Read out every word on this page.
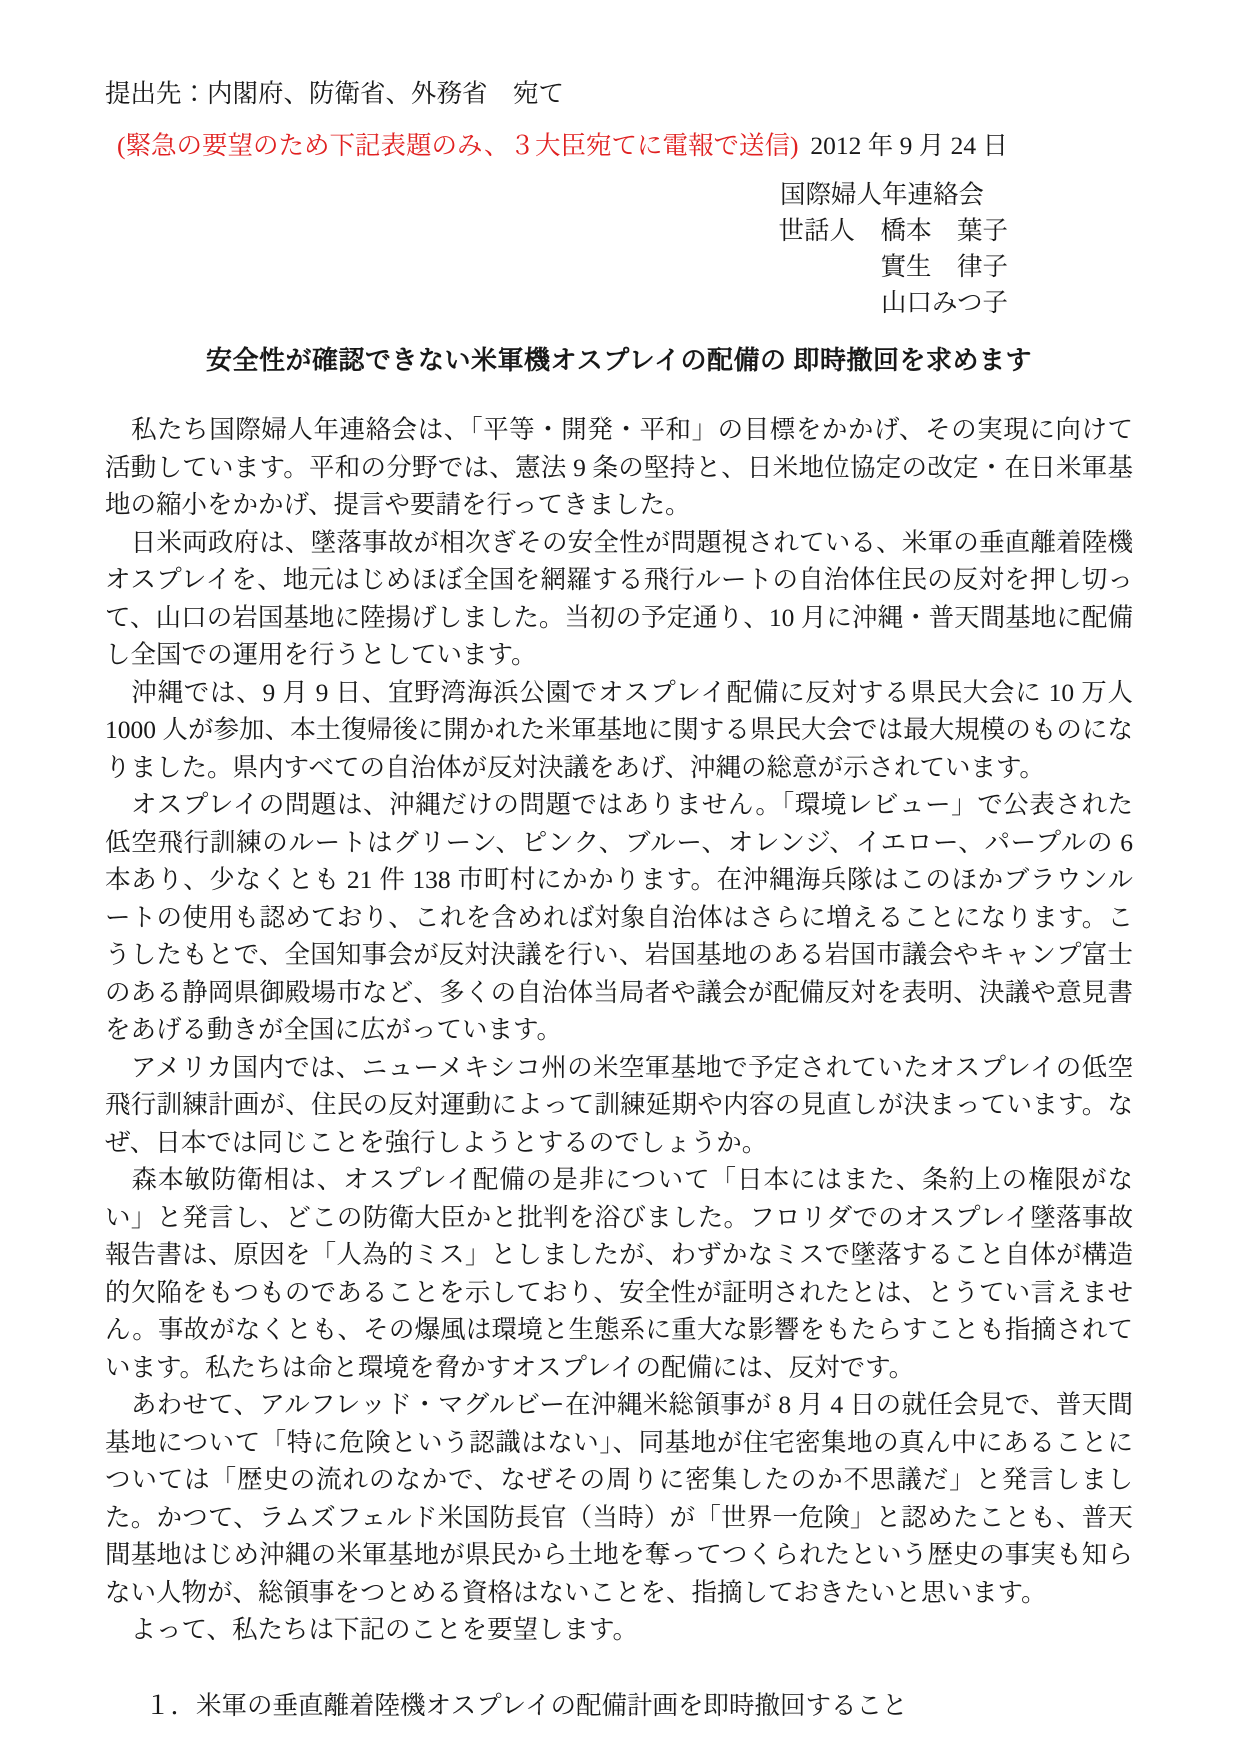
提出先：内閣府、防衛省、外務省　宛て
(緊急の要望のため下記表題のみ、３大臣宛てに電報で送信) 2012 年 9 月 24 日
国際婦人年連絡会
世話人　橋本　葉子
實生　律子
山口みつ子
安全性が確認できない米軍機オスプレイの配備の 即時撤回を求めます

　私たち国際婦人年連絡会は、「平等・開発・平和」の目標をかかげ、その実現に向けて活動しています。平和の分野では、憲法 9 条の堅持と、日米地位協定の改定・在日米軍基地の縮小をかかげ、提言や要請を行ってきました。

　日米両政府は、墜落事故が相次ぎその安全性が問題視されている、米軍の垂直離着陸機オスプレイを、地元はじめほぼ全国を網羅する飛行ルートの自治体住民の反対を押し切って、山口の岩国基地に陸揚げしました。当初の予定通り、10 月に沖縄・普天間基地に配備し全国での運用を行うとしています。

　沖縄では、9 月 9 日、宜野湾海浜公園でオスプレイ配備に反対する県民大会に 10 万人 1000 人が参加、本土復帰後に開かれた米軍基地に関する県民大会では最大規模のものになりました。県内すべての自治体が反対決議をあげ、沖縄の総意が示されています。

　オスプレイの問題は、沖縄だけの問題ではありません。「環境レビュー」で公表された低空飛行訓練のルートはグリーン、ピンク、ブルー、オレンジ、イエロー、パープルの 6 本あり、少なくとも 21 件 138 市町村にかかります。在沖縄海兵隊はこのほかブラウンルートの使用も認めており、これを含めれば対象自治体はさらに増えることになります。こうしたもとで、全国知事会が反対決議を行い、岩国基地のある岩国市議会やキャンプ富士のある静岡県御殿場市など、多くの自治体当局者や議会が配備反対を表明、決議や意見書をあげる動きが全国に広がっています。

　アメリカ国内では、ニューメキシコ州の米空軍基地で予定されていたオスプレイの低空飛行訓練計画が、住民の反対運動によって訓練延期や内容の見直しが決まっています。なぜ、日本では同じことを強行しようとするのでしょうか。

　森本敏防衛相は、オスプレイ配備の是非について「日本にはまた、条約上の権限がない」と発言し、どこの防衛大臣かと批判を浴びました。フロリダでのオスプレイ墜落事故報告書は、原因を「人為的ミス」としましたが、わずかなミスで墜落すること自体が構造的欠陥をもつものであることを示しており、安全性が証明されたとは、とうてい言えません。事故がなくとも、その爆風は環境と生態系に重大な影響をもたらすことも指摘されています。私たちは命と環境を脅かすオスプレイの配備には、反対です。

　あわせて、アルフレッド・マグルビー在沖縄米総領事が 8 月 4 日の就任会見で、普天間基地について「特に危険という認識はない」、同基地が住宅密集地の真ん中にあることについては「歴史の流れのなかで、なぜその周りに密集したのか不思議だ」と発言しました。かつて、ラムズフェルド米国防長官（当時）が「世界一危険」と認めたことも、普天間基地はじめ沖縄の米軍基地が県民から土地を奪ってつくられたという歴史の事実も知らない人物が、総領事をつとめる資格はないことを、指摘しておきたいと思います。

　よって、私たちは下記のことを要望します。

１．米軍の垂直離着陸機オスプレイの配備計画を即時撤回すること
